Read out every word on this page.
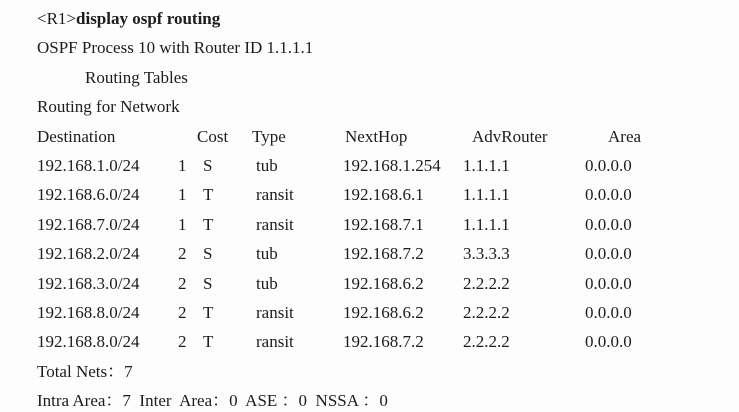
<R1>display ospf routing
OSPF Process 10 with Router ID 1.1.1.1
Routing Tables
Routing for Network
Destination	Cost Type	NextHop	AdvRouter	Area
192.168.1.0/24 1 S	tub	192.168.1.254 1.1.1.1	0.0.0.0
192.168.6.0/24 1 T	ransit	192.168.6.1 1.1.1.1	0.0.0.0
192.168.7.0/24 1 T	ransit	192.168.7.1 1.1.1.1	0.0.0.0
192.168.2.0/24 2 S	tub	192.168.7.2 3.3.3.3	0.0.0.0
192.168.3.0/24 2 S	tub	192.168.6.2 2.2.2.2	0.0.0.0
192.168.8.0/24 2 T	ransit	192.168.6.2 2.2.2.2	0.0.0.0
192.168.8.0/24 2 T	ransit	192.168.7.2 2.2.2.2	0.0.0.0
Total Nets：7
Intra Area：7  Inter  Area：0  ASE ：0  NSSA ：0
